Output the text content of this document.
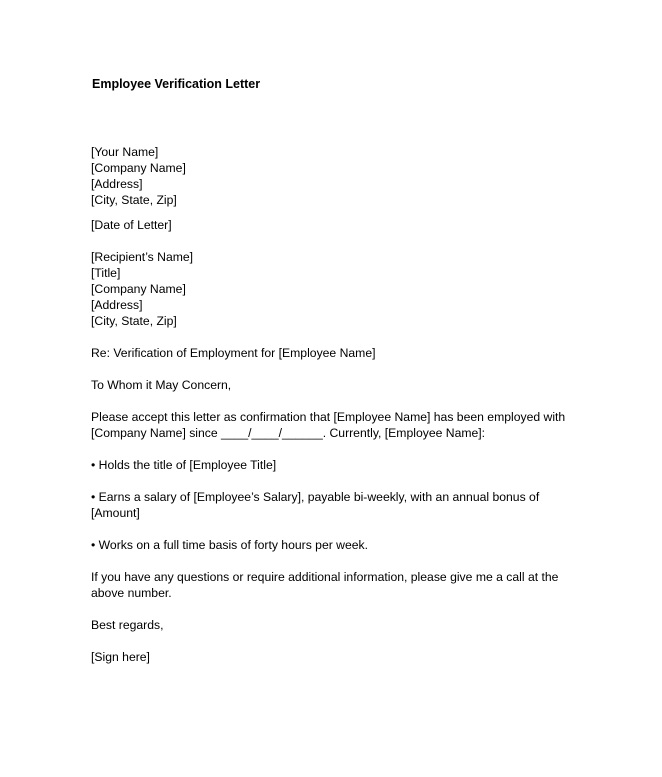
Employee Verification Letter
[Your Name]
[Company Name]
[Address]
[City, State, Zip]
[Date of Letter]
[Recipient’s Name]
[Title]
[Company Name]
[Address]
[City, State, Zip]
Re: Verification of Employment for [Employee Name]
To Whom it May Concern,
Please accept this letter as confirmation that [Employee Name] has been employed with
[Company Name] since ____/____/______. Currently, [Employee Name]:
• Holds the title of [Employee Title]
• Earns a salary of [Employee’s Salary], payable bi-weekly, with an annual bonus of
[Amount]
• Works on a full time basis of forty hours per week.
If you have any questions or require additional information, please give me a call at the
above number.
Best regards,
[Sign here]
